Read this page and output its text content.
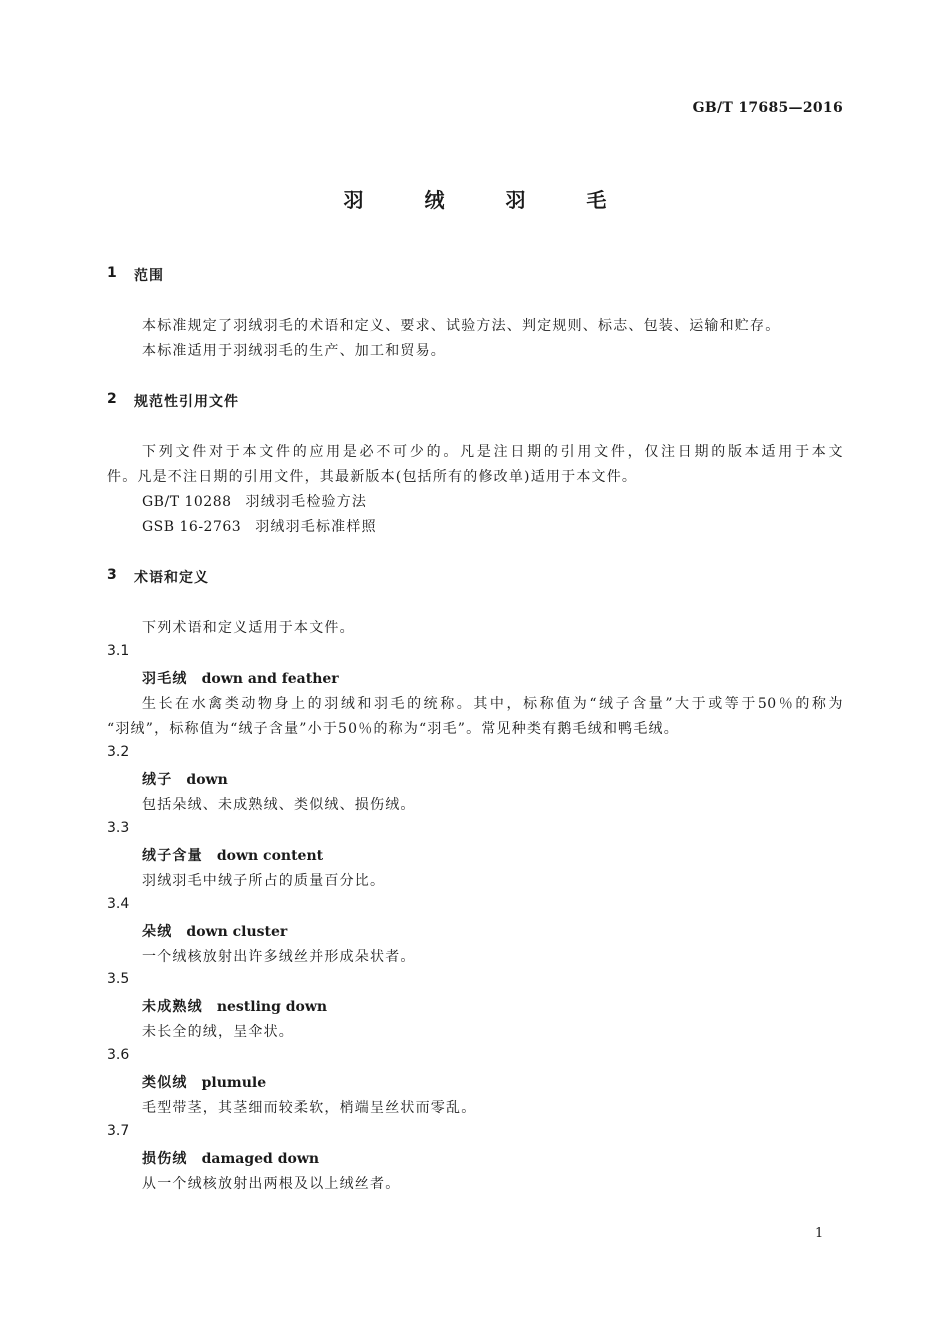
GB/T 17685—2016
羽 绒 羽 毛
1 范围
本标准规定了羽绒羽毛的术语和定义、要求、试验方法、判定规则、标志、包装、运输和贮存。
本标准适用于羽绒羽毛的生产、加工和贸易。
2 规范性引用文件
下列文件对于本文件的应用是必不可少的。凡是注日期的引用文件，仅注日期的版本适用于本文
件。凡是不注日期的引用文件，其最新版本(包括所有的修改单)适用于本文件。
GB/T 10288 羽绒羽毛检验方法
GSB 16-2763 羽绒羽毛标准样照
3 术语和定义
下列术语和定义适用于本文件。
3.1
羽毛绒 down and feather
生长在水禽类动物身上的羽绒和羽毛的统称。其中，标称值为“绒子含量”大于或等于50％的称为
“羽绒”，标称值为“绒子含量”小于50％的称为“羽毛”。常见种类有鹅毛绒和鸭毛绒。
3.2
绒子 down
包括朵绒、未成熟绒、类似绒、损伤绒。
3.3
绒子含量 down content
羽绒羽毛中绒子所占的质量百分比。
3.4
朵绒 down cluster
一个绒核放射出许多绒丝并形成朵状者。
3.5
未成熟绒 nestling down
未长全的绒，呈伞状。
3.6
类似绒 plumule
毛型带茎，其茎细而较柔软，梢端呈丝状而零乱。
3.7
损伤绒 damaged down
从一个绒核放射出两根及以上绒丝者。
1
